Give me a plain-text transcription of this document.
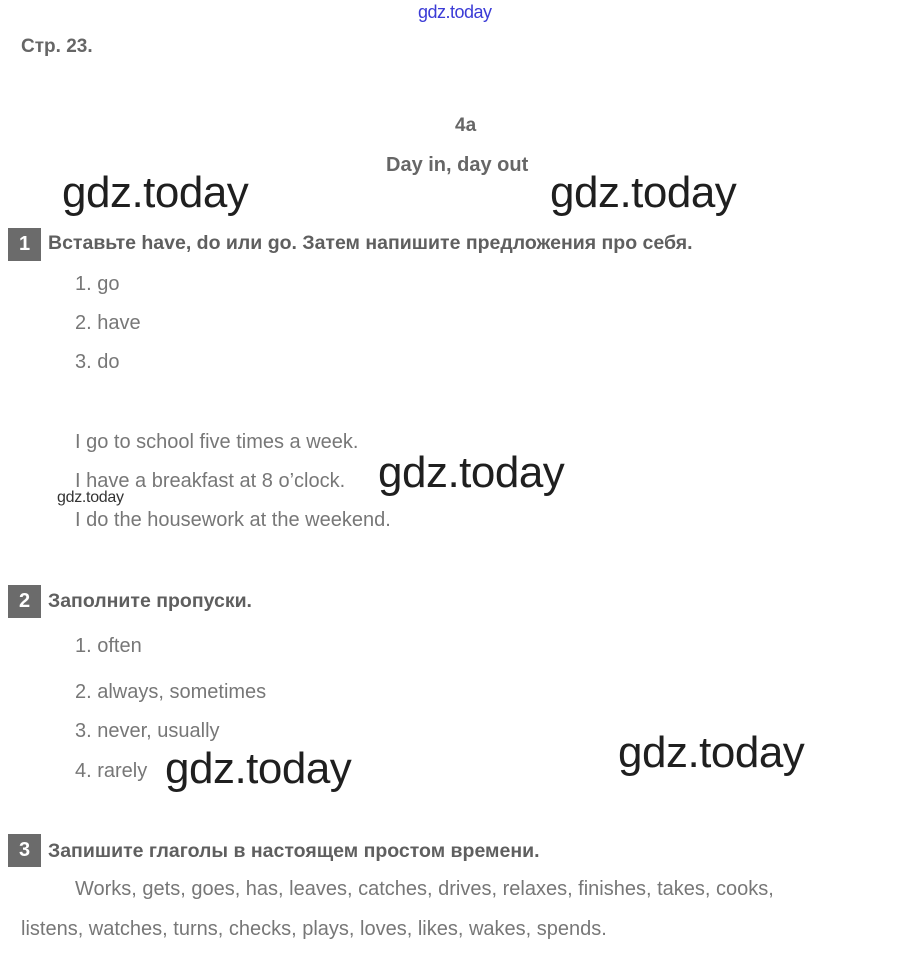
gdz.today
Стр. 23.
4a
Day in, day out
gdz.today	gdz.today
1 Вставьте have, do или go. Затем напишите предложения про себя.
1. go
2. have
3. do
I go to school five times a week.
I have a breakfast at 8 o’clock.
I do the housework at the weekend.
gdz.today
gdz.today
2 Заполните пропуски.
1. often
2. always, sometimes
3. never, usually
4. rarely gdz.today	gdz.today
3 Запишите глаголы в настоящем простом времени.
Works, gets, goes, has, leaves, catches, drives, relaxes, finishes, takes, cooks,
listens, watches, turns, checks, plays, loves, likes, wakes, spends.
